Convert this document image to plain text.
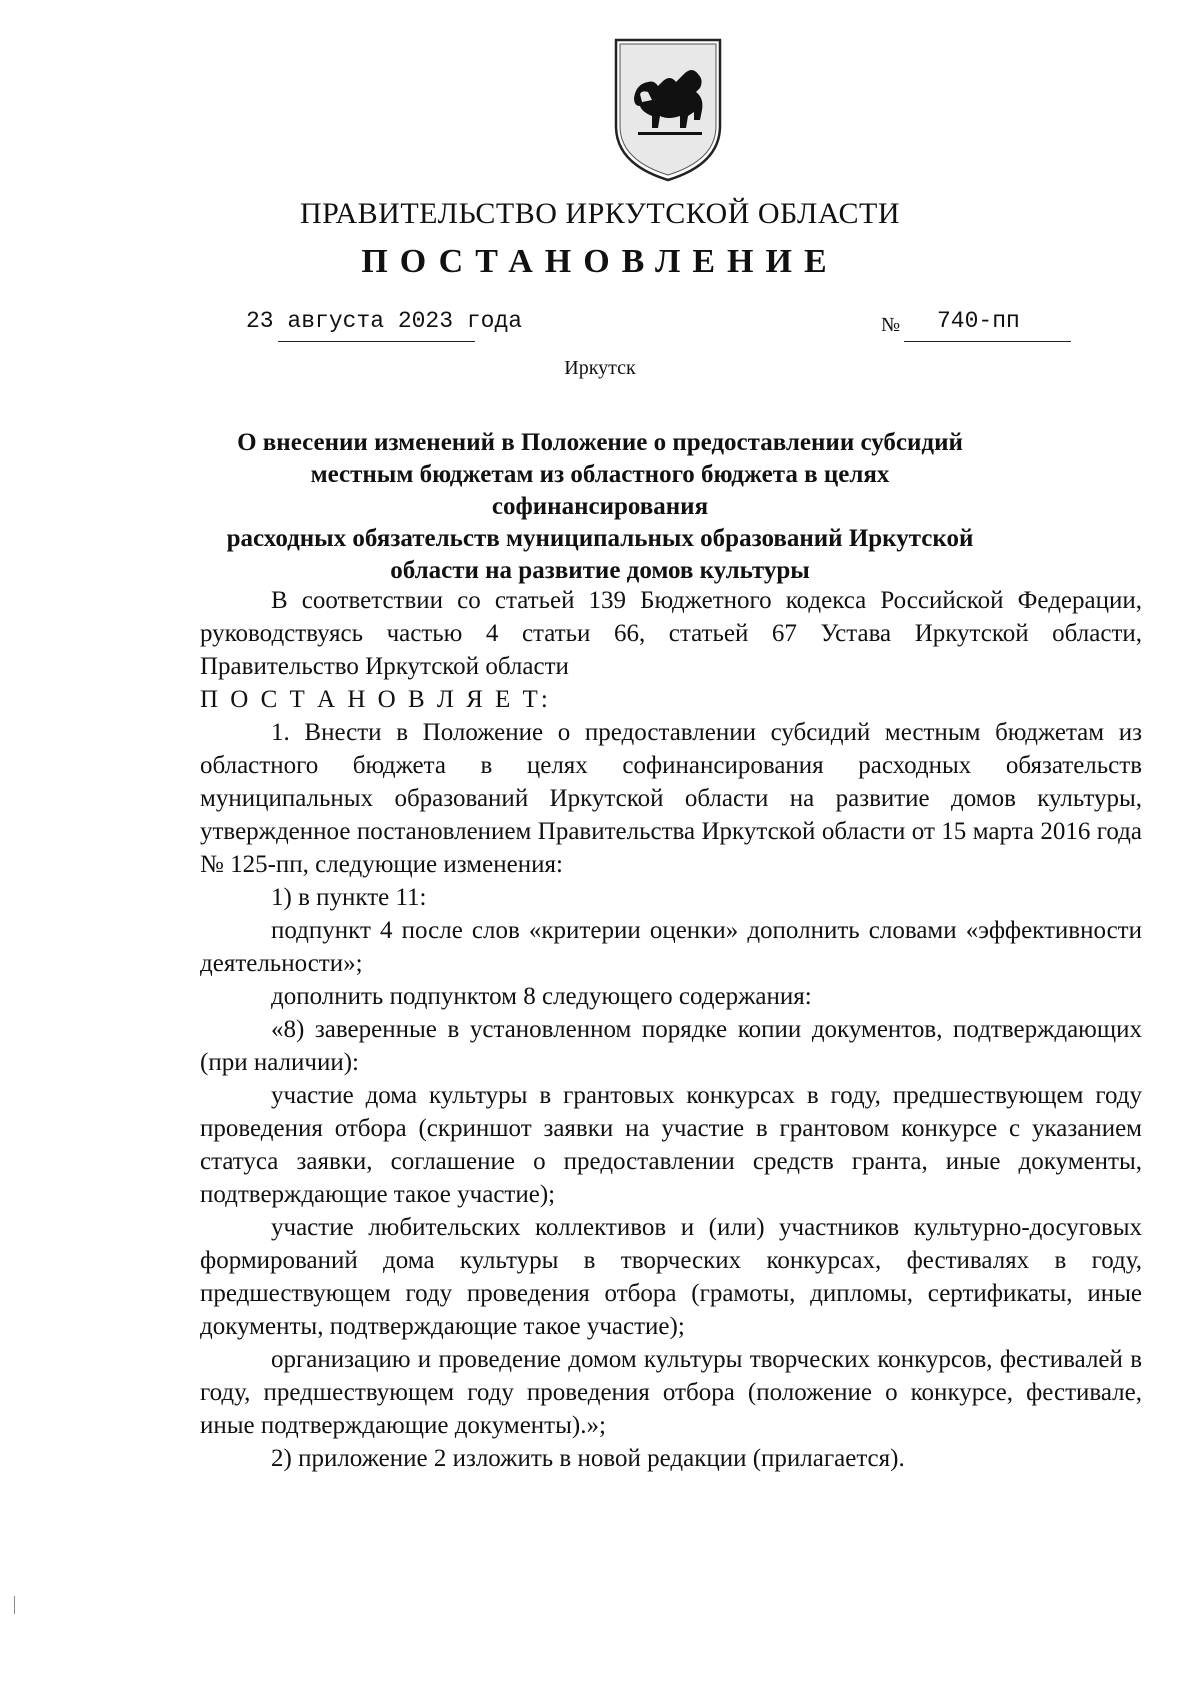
ПРАВИТЕЛЬСТВО ИРКУТСКОЙ ОБЛАСТИ
ПОСТАНОВЛЕНИЕ
23 августа 2023 года	№ 740-пп
Иркутск
О внесении изменений в Положение о предоставлении субсидий
местным бюджетам из областного бюджета в целях софинансирования
расходных обязательств муниципальных образований Иркутской
области на развитие домов культуры

В соответствии со статьей 139 Бюджетного кодекса Российской Федерации, руководствуясь частью 4 статьи 66, статьей 67 Устава Иркутской области, Правительство Иркутской области

П О С Т А Н О В Л Я Е Т:

1. Внести в Положение о предоставлении субсидий местным бюджетам из областного бюджета в целях софинансирования расходных обязательств муниципальных образований Иркутской области на развитие домов культуры, утвержденное постановлением Правительства Иркутской области от 15 марта 2016 года № 125-пп, следующие изменения:

1) в пункте 11:

подпункт 4 после слов «критерии оценки» дополнить словами «эффективности деятельности»;

дополнить подпунктом 8 следующего содержания:

«8) заверенные в установленном порядке копии документов, подтверждающих (при наличии):

участие дома культуры в грантовых конкурсах в году, предшествующем году проведения отбора (скриншот заявки на участие в грантовом конкурсе с указанием статуса заявки, соглашение о предоставлении средств гранта, иные документы, подтверждающие такое участие);

участие любительских коллективов и (или) участников культурно-досуговых формирований дома культуры в творческих конкурсах, фестивалях в году, предшествующем году проведения отбора (грамоты, дипломы, сертификаты, иные документы, подтверждающие такое участие);

организацию и проведение домом культуры творческих конкурсов, фестивалей в году, предшествующем году проведения отбора (положение о конкурсе, фестивале, иные подтверждающие документы).»;

2) приложение 2 изложить в новой редакции (прилагается).
